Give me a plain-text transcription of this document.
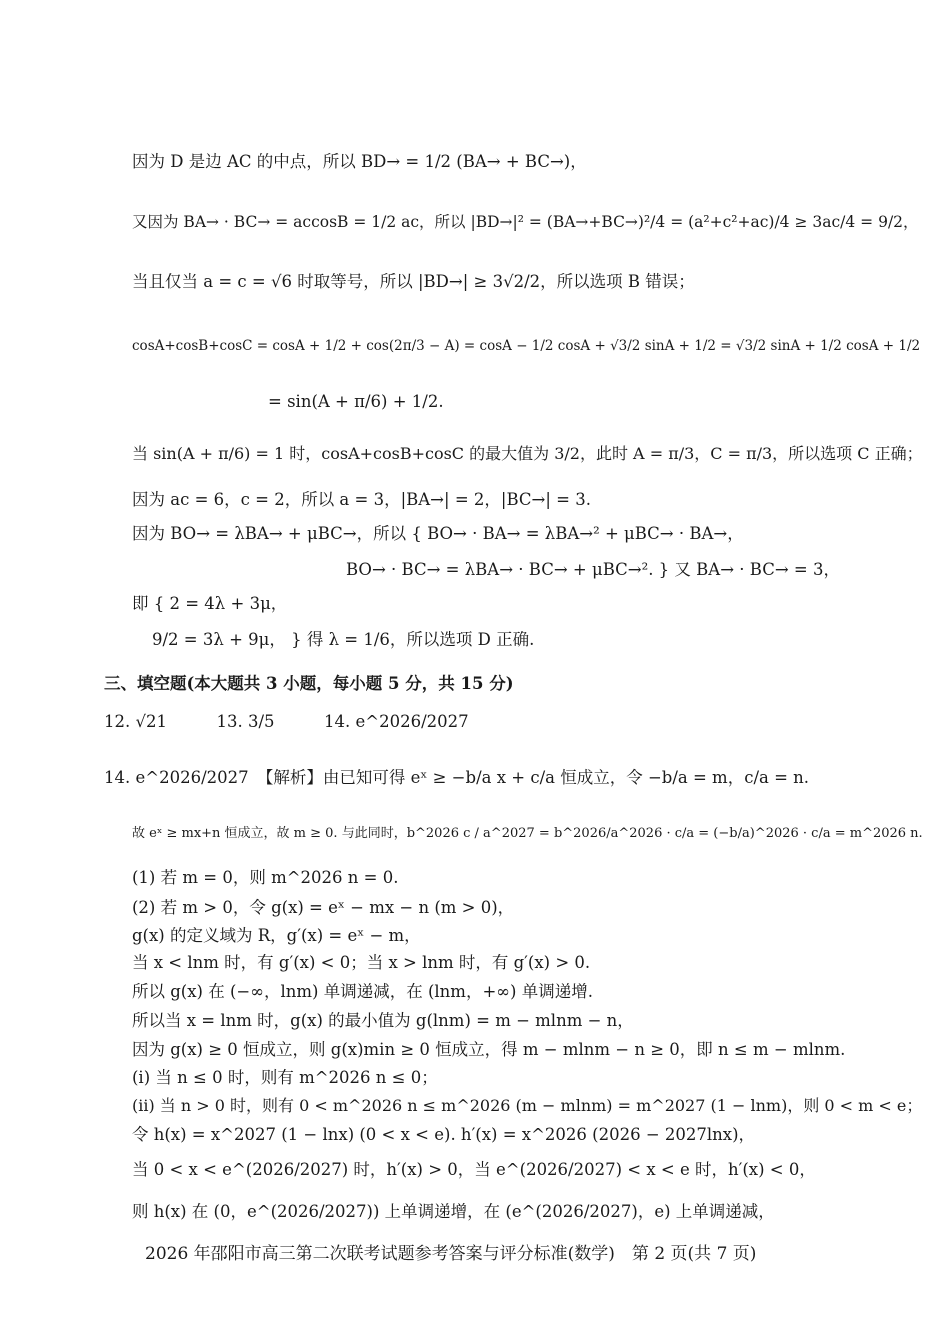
因为 D 是边 AC 的中点，所以 BD→ = 1/2 (BA→ + BC→)，
又因为 BA→ · BC→ = accosB = 1/2 ac，所以 |BD→|² = (BA→+BC→)²/4 = (a²+c²+ac)/4 ≥ 3ac/4 = 9/2，
当且仅当 a = c = √6 时取等号，所以 |BD→| ≥ 3√2/2，所以选项 B 错误；
cosA+cosB+cosC = cosA + 1/2 + cos(2π/3 − A) = cosA − 1/2 cosA + √3/2 sinA + 1/2 = √3/2 sinA + 1/2 cosA + 1/2
= sin(A + π/6) + 1/2.
当 sin(A + π/6) = 1 时，cosA+cosB+cosC 的最大值为 3/2，此时 A = π/3，C = π/3，所以选项 C 正确；
因为 ac = 6，c = 2，所以 a = 3，|BA→| = 2，|BC→| = 3.
因为 BO→ = λBA→ + μBC→，所以 { BO→ · BA→ = λBA→² + μBC→ · BA→，
BO→ · BC→ = λBA→ · BC→ + μBC→². } 又 BA→ · BC→ = 3，
即 { 2 = 4λ + 3μ，
9/2 = 3λ + 9μ， } 得 λ = 1/6，所以选项 D 正确.
三、填空题(本大题共 3 小题，每小题 5 分，共 15 分)
12. √21　　　13. 3/5　　　14. e^2026/2027
14. e^2026/2027　【解析】由已知可得 eˣ ≥ −b/a x + c/a 恒成立，令 −b/a = m，c/a = n.
故 eˣ ≥ mx+n 恒成立，故 m ≥ 0. 与此同时，b^2026 c / a^2027 = b^2026/a^2026 · c/a = (−b/a)^2026 · c/a = m^2026 n.
(1) 若 m = 0，则 m^2026 n = 0.
(2) 若 m > 0，令 g(x) = eˣ − mx − n (m > 0)，
g(x) 的定义域为 R，g′(x) = eˣ − m，
当 x < lnm 时，有 g′(x) < 0；当 x > lnm 时，有 g′(x) > 0.
所以 g(x) 在 (−∞，lnm) 单调递减，在 (lnm，+∞) 单调递增.
所以当 x = lnm 时，g(x) 的最小值为 g(lnm) = m − mlnm − n，
因为 g(x) ≥ 0 恒成立，则 g(x)min ≥ 0 恒成立，得 m − mlnm − n ≥ 0，即 n ≤ m − mlnm.
(ⅰ) 当 n ≤ 0 时，则有 m^2026 n ≤ 0；
(ⅱ) 当 n > 0 时，则有 0 < m^2026 n ≤ m^2026 (m − mlnm) = m^2027 (1 − lnm)，则 0 < m < e；
令 h(x) = x^2027 (1 − lnx) (0 < x < e). h′(x) = x^2026 (2026 − 2027lnx)，
当 0 < x < e^(2026/2027) 时，h′(x) > 0，当 e^(2026/2027) < x < e 时，h′(x) < 0，
则 h(x) 在 (0，e^(2026/2027)) 上单调递增，在 (e^(2026/2027)，e) 上单调递减，
2026 年邵阳市高三第二次联考试题参考答案与评分标准(数学)　第 2 页(共 7 页)
